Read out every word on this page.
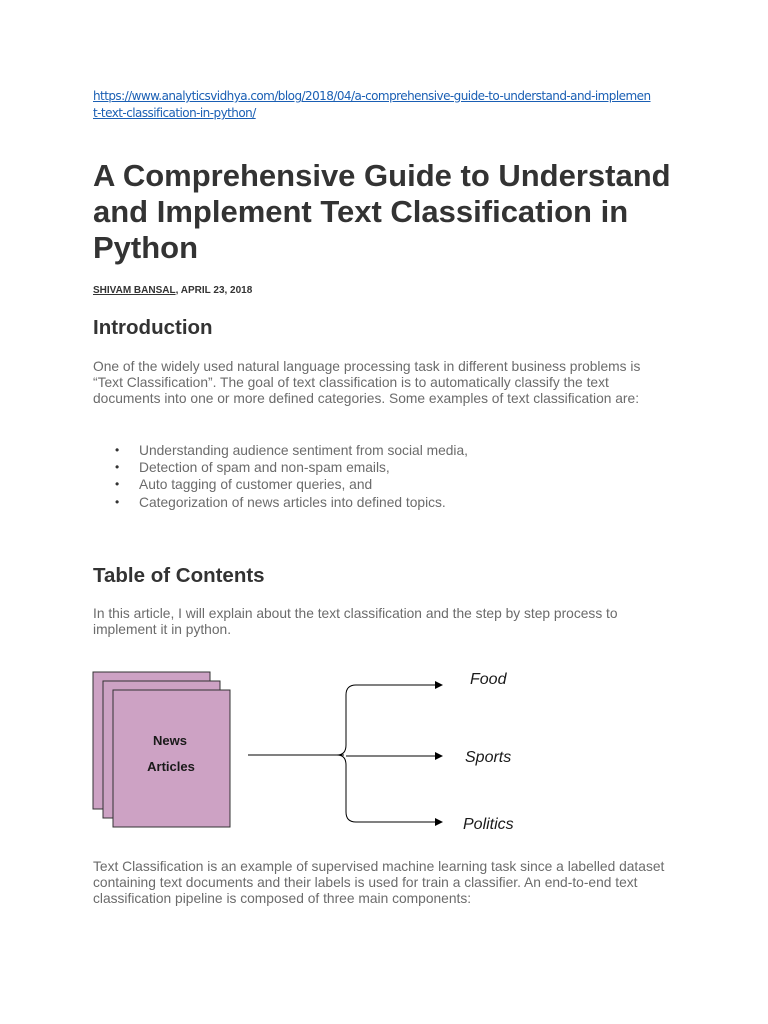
https://www.analyticsvidhya.com/blog/2018/04/a-comprehensive-guide-to-understand-and-implement-text-classification-in-python/
A Comprehensive Guide to Understand and Implement Text Classification in Python
SHIVAM BANSAL, APRIL 23, 2018
Introduction

One of the widely used natural language processing task in different business problems is “Text Classification”. The goal of text classification is to automatically classify the text documents into one or more defined categories. Some examples of text classification are:

• Understanding audience sentiment from social media,
• Detection of spam and non-spam emails,
• Auto tagging of customer queries, and
• Categorization of news articles into defined topics.
Table of Contents

In this article, I will explain about the text classification and the step by step process to implement it in python.

Text Classification is an example of supervised machine learning task since a labelled dataset containing text documents and their labels is used for train a classifier. An end-to-end text classification pipeline is composed of three main components:

News
Articles
Food
Sports
Politics
